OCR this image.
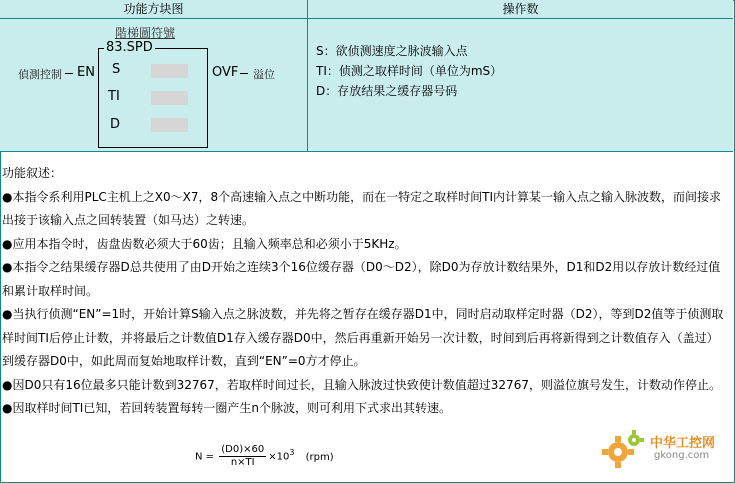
功能方块图	操作数
階梯圖符號
83.SPD
偵測控制 EN S
TI
D
OVF 溢位
S：欲侦测速度之脉波输入点
TI：侦测之取样时间（单位为mS）
D：存放结果之缓存器号码

功能叙述：

●本指令系利用PLC主机上之X0～X7，8个高速输入点之中断功能，而在一特定之取样时间TI内计算某一输入点之输入脉波数，而间接求出接于该输入点之回转装置（如马达）之转速。

●应用本指令时，齿盘齿数必须大于60齿；且输入频率总和必须小于5KHz。

●本指令之结果缓存器D总共使用了由D开始之连续3个16位缓存器（D0～D2），除D0为存放计数结果外，D1和D2用以存放计数经过值和累计取样时间。

●当执行侦测“EN”=1时，开始计算S输入点之脉波数，并先将之暂存在缓存器D1中，同时启动取样定时器（D2），等到D2值等于侦测取样时间TI后停止计数，并将最后之计数值D1存入缓存器D0中，然后再重新开始另一次计数，时间到后再将新得到之计数值存入（盖过）到缓存器D0中，如此周而复始地取样计数，直到“EN”=0方才停止。

●因D0只有16位最多只能计数到32767，若取样时间过长，且输入脉波过快致使计数值超过32767，则溢位旗号发生，计数动作停止。

●因取样时间TI已知，若回转装置每转一圈产生n个脉波，则可利用下式求出其转速。

$N = \frac{(D0)\times 60}{n\times TI} \times 10^3$ (rpm)
中华工控网
gkong.com
